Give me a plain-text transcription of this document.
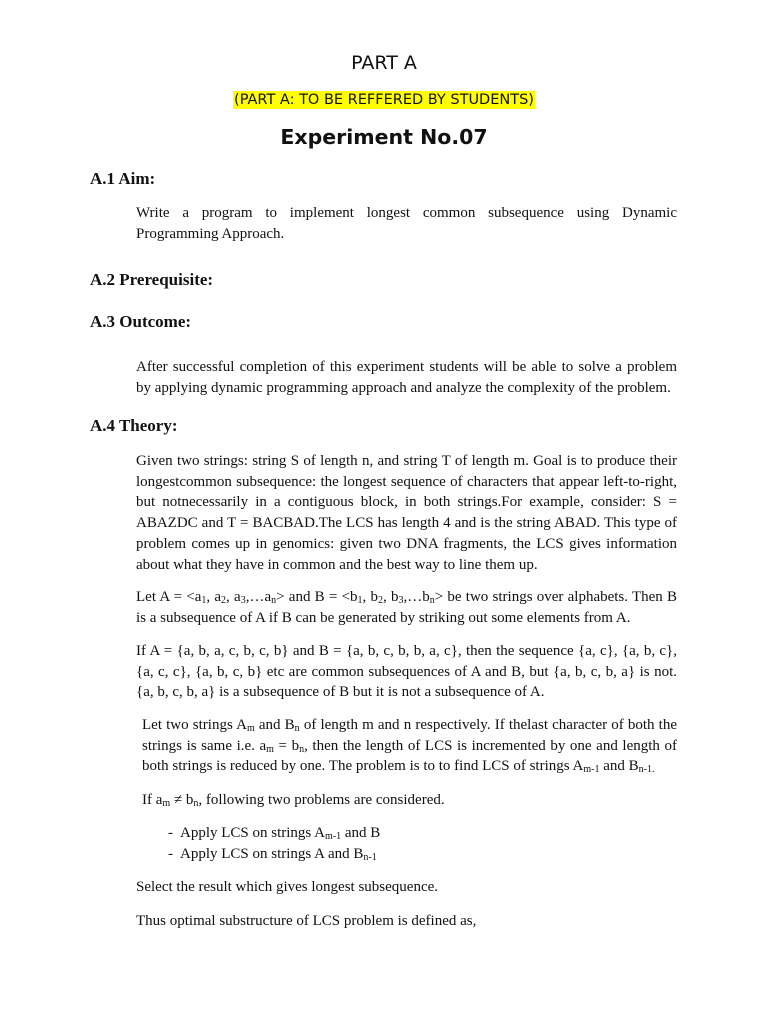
PART A
(PART A: TO BE REFFERED BY STUDENTS)
Experiment No.07
A.1 Aim:

Write a program to implement longest common subsequence using Dynamic Programming Approach.

A.2 Prerequisite:
A.3 Outcome:

After successful completion of this experiment students will be able to solve a problem by applying dynamic programming approach and analyze the complexity of the problem.

A.4 Theory:

Given two strings: string S of length n, and string T of length m. Goal is to produce their longestcommon subsequence: the longest sequence of characters that appear left-to-right, but notnecessarily in a contiguous block, in both strings.For example, consider: S = ABAZDC and T = BACBAD.The LCS has length 4 and is the string ABAD. This type of problem comes up in genomics: given two DNA fragments, the LCS gives information about what they have in common and the best way to line them up.

Let $A = <a_1$, $a_2$, $a_3,\dots a_n>$ and $B = <b_1$, $b_2$, $b_3,\dots b_n>$ be two strings over alphabets. Then B is a subsequence of A if B can be generated by striking out some elements from A.

If A = {a, b, a, c, b, c, b} and B = {a, b, c, b, b, a, c}, then the sequence {a, c}, {a, b, c}, {a, c, c}, {a, b, c, b} etc are common subsequences of A and B, but {a, b, c, b, a} is not. {a, b, c, b, a} is a subsequence of B but it is not a subsequence of A.

Let two strings $A_m$ and $B_n$ of length m and n respectively. If thelast character of both the strings is same i.e. $a_m = b_n$, then the length of LCS is incremented by one and length of both strings is reduced by one. The problem is to to find LCS of strings $A_{m-1}$ and $B_{n-1.}$

If $a_m \ne b_n$, following two problems are considered.

- Apply LCS on strings $A_{m-1}$ and B
- Apply LCS on strings A and $B_{n-1}$

Select the result which gives longest subsequence.

Thus optimal substructure of LCS problem is defined as,
